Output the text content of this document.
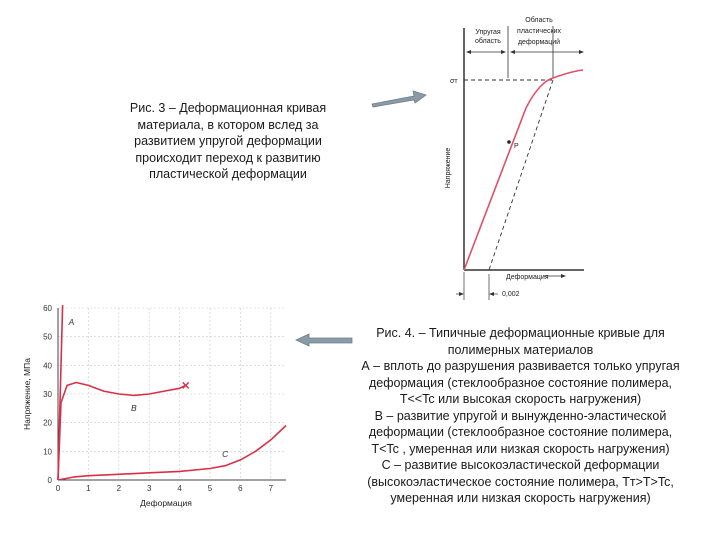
Рис. 3 – Деформационная кривая
материала, в котором вслед за
развитием упругой деформации
происходит переход к развитию
пластической деформации
Упругая
область
Область
пластических
деформаций
P
σт
Напряжение
Деформация
0,002
0
10
20
30
40
50
60
0	1	2	3	4	5	6	7
Деформация
Напряжение, МПа
A
B
C
Рис. 4. – Типичные деформационные кривые для
полимерных материалов
А – вплоть до разрушения развивается только упругая
деформация (стеклообразное состояние полимера,
T<<Tc или высокая скорость нагружения)
В – развитие упругой и вынужденно-эластической
деформации (стеклообразное состояние полимера,
T<Tc , умеренная или низкая скорость нагружения)
С – развитие высокоэластической деформации
(высокоэластическое состояние полимера, Tт>T>Tc,
умеренная или низкая скорость нагружения)
